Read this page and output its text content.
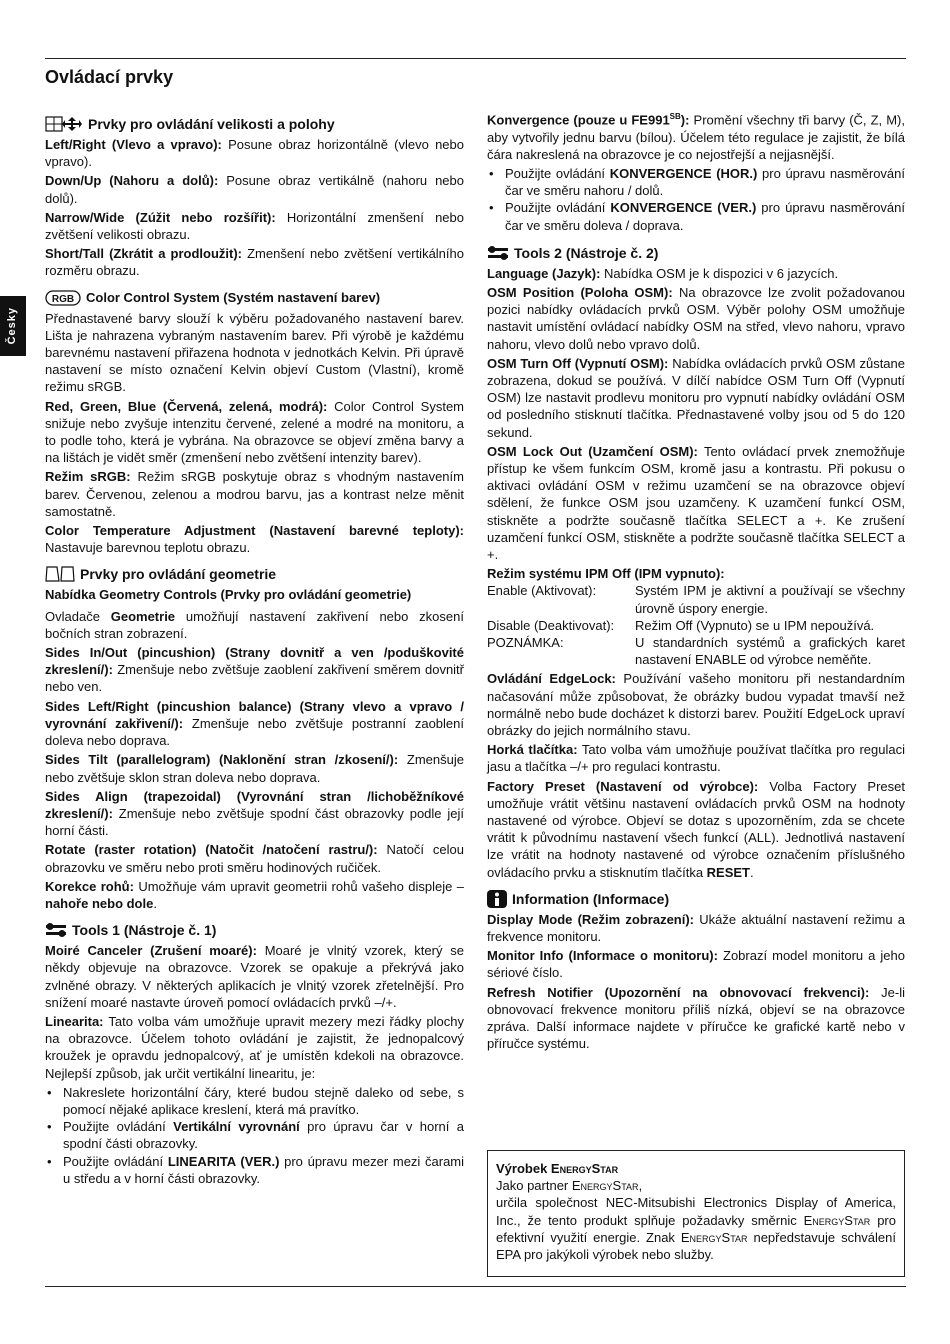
Ovládací prvky
Česky
Prvky pro ovládání velikosti a polohy

Left/Right (Vlevo a vpravo): Posune obraz horizontálně (vlevo nebo vpravo).

Down/Up (Nahoru a dolů): Posune obraz vertikálně (nahoru nebo dolů).

Narrow/Wide (Zúžit nebo rozšířit): Horizontální zmenšení nebo zvětšení velikosti obrazu.

Short/Tall (Zkrátit a prodloužit): Zmenšení nebo zvětšení vertikálního rozměru obrazu.

RGB Color Control System (Systém nastavení barev)

Přednastavené barvy slouží k výběru požadovaného nastavení barev. Lišta je nahrazena vybraným nastavením barev. Při výrobě je každému barevnému nastavení přiřazena hodnota v jednotkách Kelvin. Při úpravě nastavení se místo označení Kelvin objeví Custom (Vlastní), kromě režimu sRGB.

Red, Green, Blue (Červená, zelená, modrá): Color Control System snižuje nebo zvyšuje intenzitu červené, zelené a modré na monitoru, a to podle toho, která je vybrána. Na obrazovce se objeví změna barvy a na lištách je vidět směr (zmenšení nebo zvětšení intenzity barev).

Režim sRGB: Režim sRGB poskytuje obraz s vhodným nastavením barev. Červenou, zelenou a modrou barvu, jas a kontrast nelze měnit samostatně.

Color Temperature Adjustment (Nastavení barevné teploty): Nastavuje barevnou teplotu obrazu.

Prvky pro ovládání geometrie

Nabídka Geometry Controls (Prvky pro ovládání geometrie)

Ovladače Geometrie umožňují nastavení zakřivení nebo zkosení bočních stran zobrazení.

Sides In/Out (pincushion) (Strany dovnitř a ven /poduškovité zkreslení/): Zmenšuje nebo zvětšuje zaoblení zakřivení směrem dovnitř nebo ven.

Sides Left/Right (pincushion balance) (Strany vlevo a vpravo / vyrovnání zakřivení/): Zmenšuje nebo zvětšuje postranní zaoblení doleva nebo doprava.

Sides Tilt (parallelogram) (Naklonění stran /zkosení/): Zmenšuje nebo zvětšuje sklon stran doleva nebo doprava.

Sides Align (trapezoidal) (Vyrovnání stran /lichoběžníkové zkreslení/): Zmenšuje nebo zvětšuje spodní část obrazovky podle její horní části.

Rotate (raster rotation) (Natočit /natočení rastru/): Natočí celou obrazovku ve směru nebo proti směru hodinových ručiček.

Korekce rohů: Umožňuje vám upravit geometrii rohů vašeho displeje – nahoře nebo dole.

Tools 1 (Nástroje č. 1)

Moiré Canceler (Zrušení moaré): Moaré je vlnitý vzorek, který se někdy objevuje na obrazovce. Vzorek se opakuje a překrývá jako zvlněné obrazy. V některých aplikacích je vlnitý vzorek zřetelnější. Pro snížení moaré nastavte úroveň pomocí ovládacích prvků –/+.

Linearita: Tato volba vám umožňuje upravit mezery mezi řádky plochy na obrazovce. Účelem tohoto ovládání je zajistit, že jednopalcový kroužek je opravdu jednopalcový, ať je umístěn kdekoli na obrazovce. Nejlepší způsob, jak určit vertikální linearitu, je:

• Nakreslete horizontální čáry, které budou stejně daleko od sebe, s pomocí nějaké aplikace kreslení, která má pravítko.
• Použijte ovládání Vertikální vyrovnání pro úpravu čar v horní a spodní části obrazovky.
• Použijte ovládání LINEARITA (VER.) pro úpravu mezer mezi čarami u středu a v horní části obrazovky.

Konvergence (pouze u $FE991^{SB}$): Promění všechny tři barvy (Č, Z, M), aby vytvořily jednu barvu (bílou). Účelem této regulace je zajistit, že bílá čára nakreslená na obrazovce je co nejostřejší a nejjasnější.

• Použijte ovládání KONVERGENCE (HOR.) pro úpravu nasměrování čar ve směru nahoru / dolů.
• Použijte ovládání KONVERGENCE (VER.) pro úpravu nasměrování čar ve směru doleva / doprava.
Tools 2 (Nástroje č. 2)

Language (Jazyk): Nabídka OSM je k dispozici v 6 jazycích.

OSM Position (Poloha OSM): Na obrazovce lze zvolit požadovanou pozici nabídky ovládacích prvků OSM. Výběr polohy OSM umožňuje nastavit umístění ovládací nabídky OSM na střed, vlevo nahoru, vpravo nahoru, vlevo dolů nebo vpravo dolů.

OSM Turn Off (Vypnutí OSM): Nabídka ovládacích prvků OSM zůstane zobrazena, dokud se používá. V dílčí nabídce OSM Turn Off (Vypnutí OSM) lze nastavit prodlevu monitoru pro vypnutí nabídky ovládání OSM od posledního stisknutí tlačítka. Přednastavené volby jsou od 5 do 120 sekund.

OSM Lock Out (Uzamčení OSM): Tento ovládací prvek znemožňuje přístup ke všem funkcím OSM, kromě jasu a kontrastu. Při pokusu o aktivaci ovládání OSM v režimu uzamčení se na obrazovce objeví sdělení, že funkce OSM jsou uzamčeny. K uzamčení funkcí OSM, stiskněte a podržte současně tlačítka SELECT a +. Ke zrušení uzamčení funkcí OSM, stiskněte a podržte současně tlačítka SELECT a +.

Režim systému IPM Off (IPM vypnuto):

Enable (Aktivovat):	Systém IPM je aktivní a používají se všechny úrovně úspory energie.
Disable (Deaktivovat):	Režim Off (Vypnuto) se u IPM nepoužívá.
POZNÁMKA:	U standardních systémů a grafických karet nastavení ENABLE od výrobce neměňte.

Ovládání EdgeLock: Používání vašeho monitoru při nestandardním načasování může způsobovat, že obrázky budou vypadat tmavší než normálně nebo bude docházet k distorzi barev. Použití EdgeLock upraví obrázky do jejich normálního stavu.

Horká tlačítka: Tato volba vám umožňuje používat tlačítka pro regulaci jasu a tlačítka –/+ pro regulaci kontrastu.

Factory Preset (Nastavení od výrobce): Volba Factory Preset umožňuje vrátit většinu nastavení ovládacích prvků OSM na hodnoty nastavené od výrobce. Objeví se dotaz s upozorněním, zda se chcete vrátit k původnímu nastavení všech funkcí (ALL). Jednotlivá nastavení lze vrátit na hodnoty nastavené od výrobce označením příslušného ovládacího prvku a stisknutím tlačítka RESET.

Information (Informace)

Display Mode (Režim zobrazení): Ukáže aktuální nastavení režimu a frekvence monitoru.

Monitor Info (Informace o monitoru): Zobrazí model monitoru a jeho sériové číslo.

Refresh Notifier (Upozornění na obnovovací frekvenci): Je-li obnovovací frekvence monitoru příliš nízká, objeví se na obrazovce zpráva. Další informace najdete v příručce ke grafické kartě nebo v příručce systému.

Výrobek EnergyStar

Jako partner EnergyStar,

určila společnost NEC-Mitsubishi Electronics Display of America, Inc., že tento produkt splňuje požadavky směrnic EnergyStar pro efektivní využití energie. Znak EnergyStar nepředstavuje schválení EPA pro jakýkoli výrobek nebo služby.
